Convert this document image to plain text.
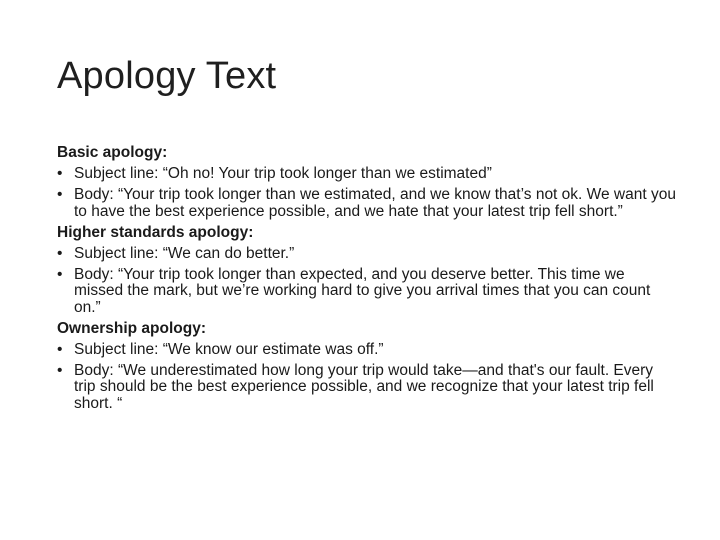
Apology Text
Basic apology:
• Subject line: “Oh no! Your trip took longer than we estimated”
• Body: “Your trip took longer than we estimated, and we know that’s not ok. We want you to have the best experience possible, and we hate that your latest trip fell short.”
Higher standards apology:
• Subject line: “We can do better.”
• Body: “Your trip took longer than expected, and you deserve better. This time we missed the mark, but we’re working hard to give you arrival times that you can count on.”
Ownership apology:
• Subject line: “We know our estimate was off.”
• Body: “We underestimated how long your trip would take—and that's our fault. Every trip should be the best experience possible, and we recognize that your latest trip fell short. “
